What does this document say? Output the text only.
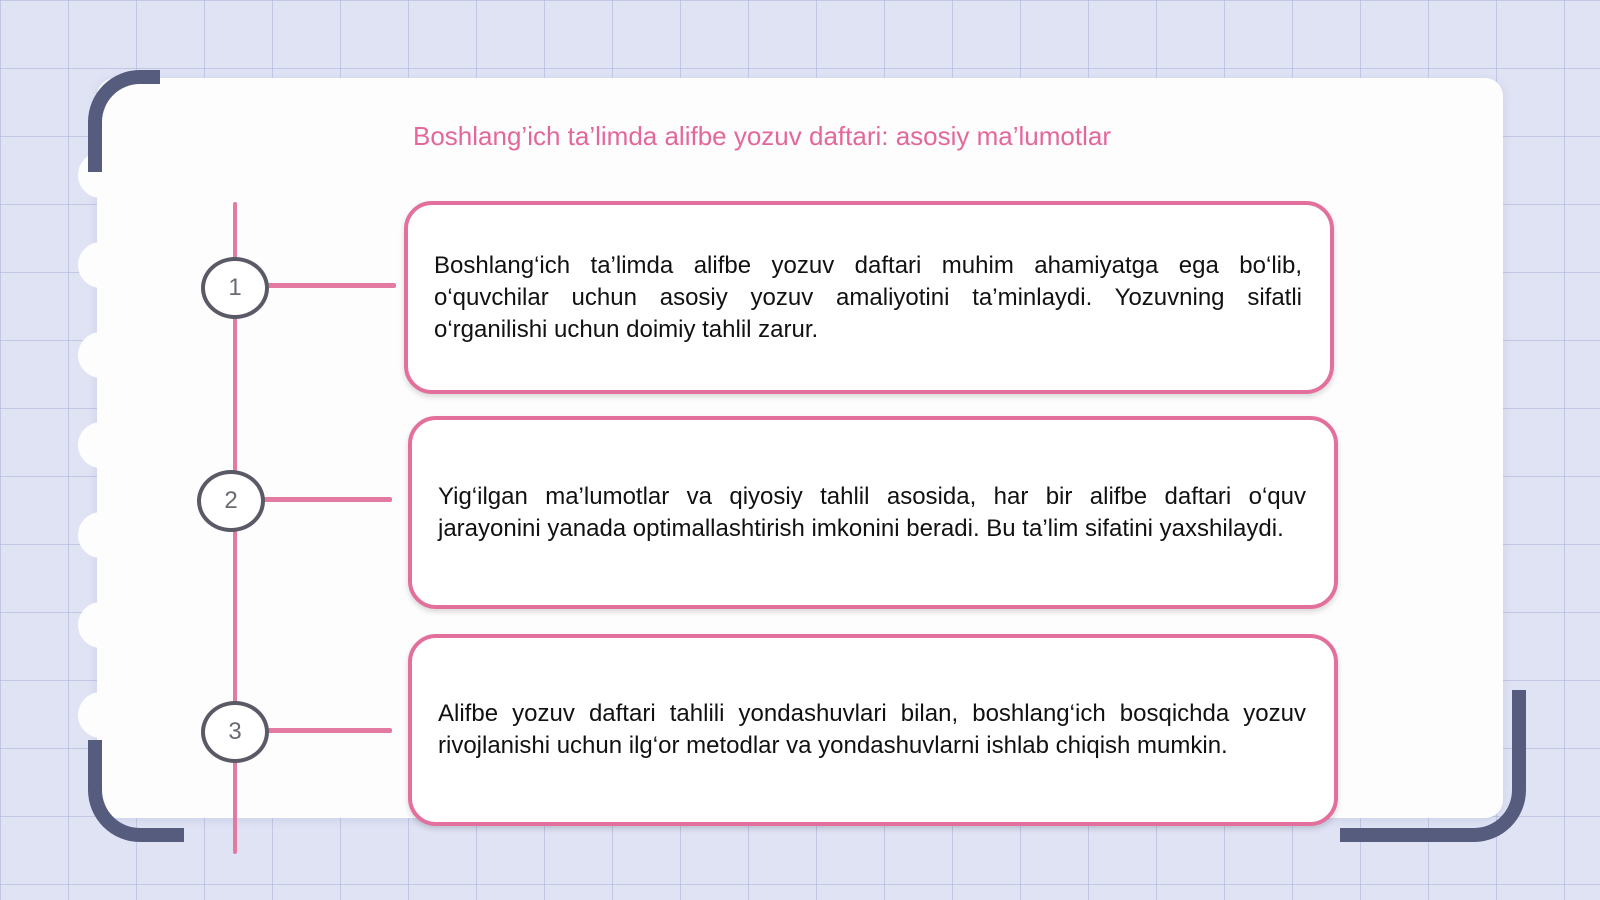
Boshlang’ich ta’limda alifbe yozuv daftari: asosiy ma’lumotlar
1
Boshlang‘ich ta’limda alifbe yozuv daftari muhim ahamiyatga ega bo‘lib, o‘quvchilar uchun asosiy yozuv amaliyotini ta’minlaydi. Yozuvning sifatli o‘rganilishi uchun doimiy tahlil zarur.
2	Yig‘ilgan ma’lumotlar va qiyosiy tahlil asosida, har bir alifbe daftari o‘quv jarayonini yanada optimallashtirish imkonini beradi. Bu ta’lim sifatini yaxshilaydi.
3
Alifbe yozuv daftari tahlili yondashuvlari bilan, boshlang‘ich bosqichda yozuv rivojlanishi uchun ilg‘or metodlar va yondashuvlarni ishlab chiqish mumkin.
